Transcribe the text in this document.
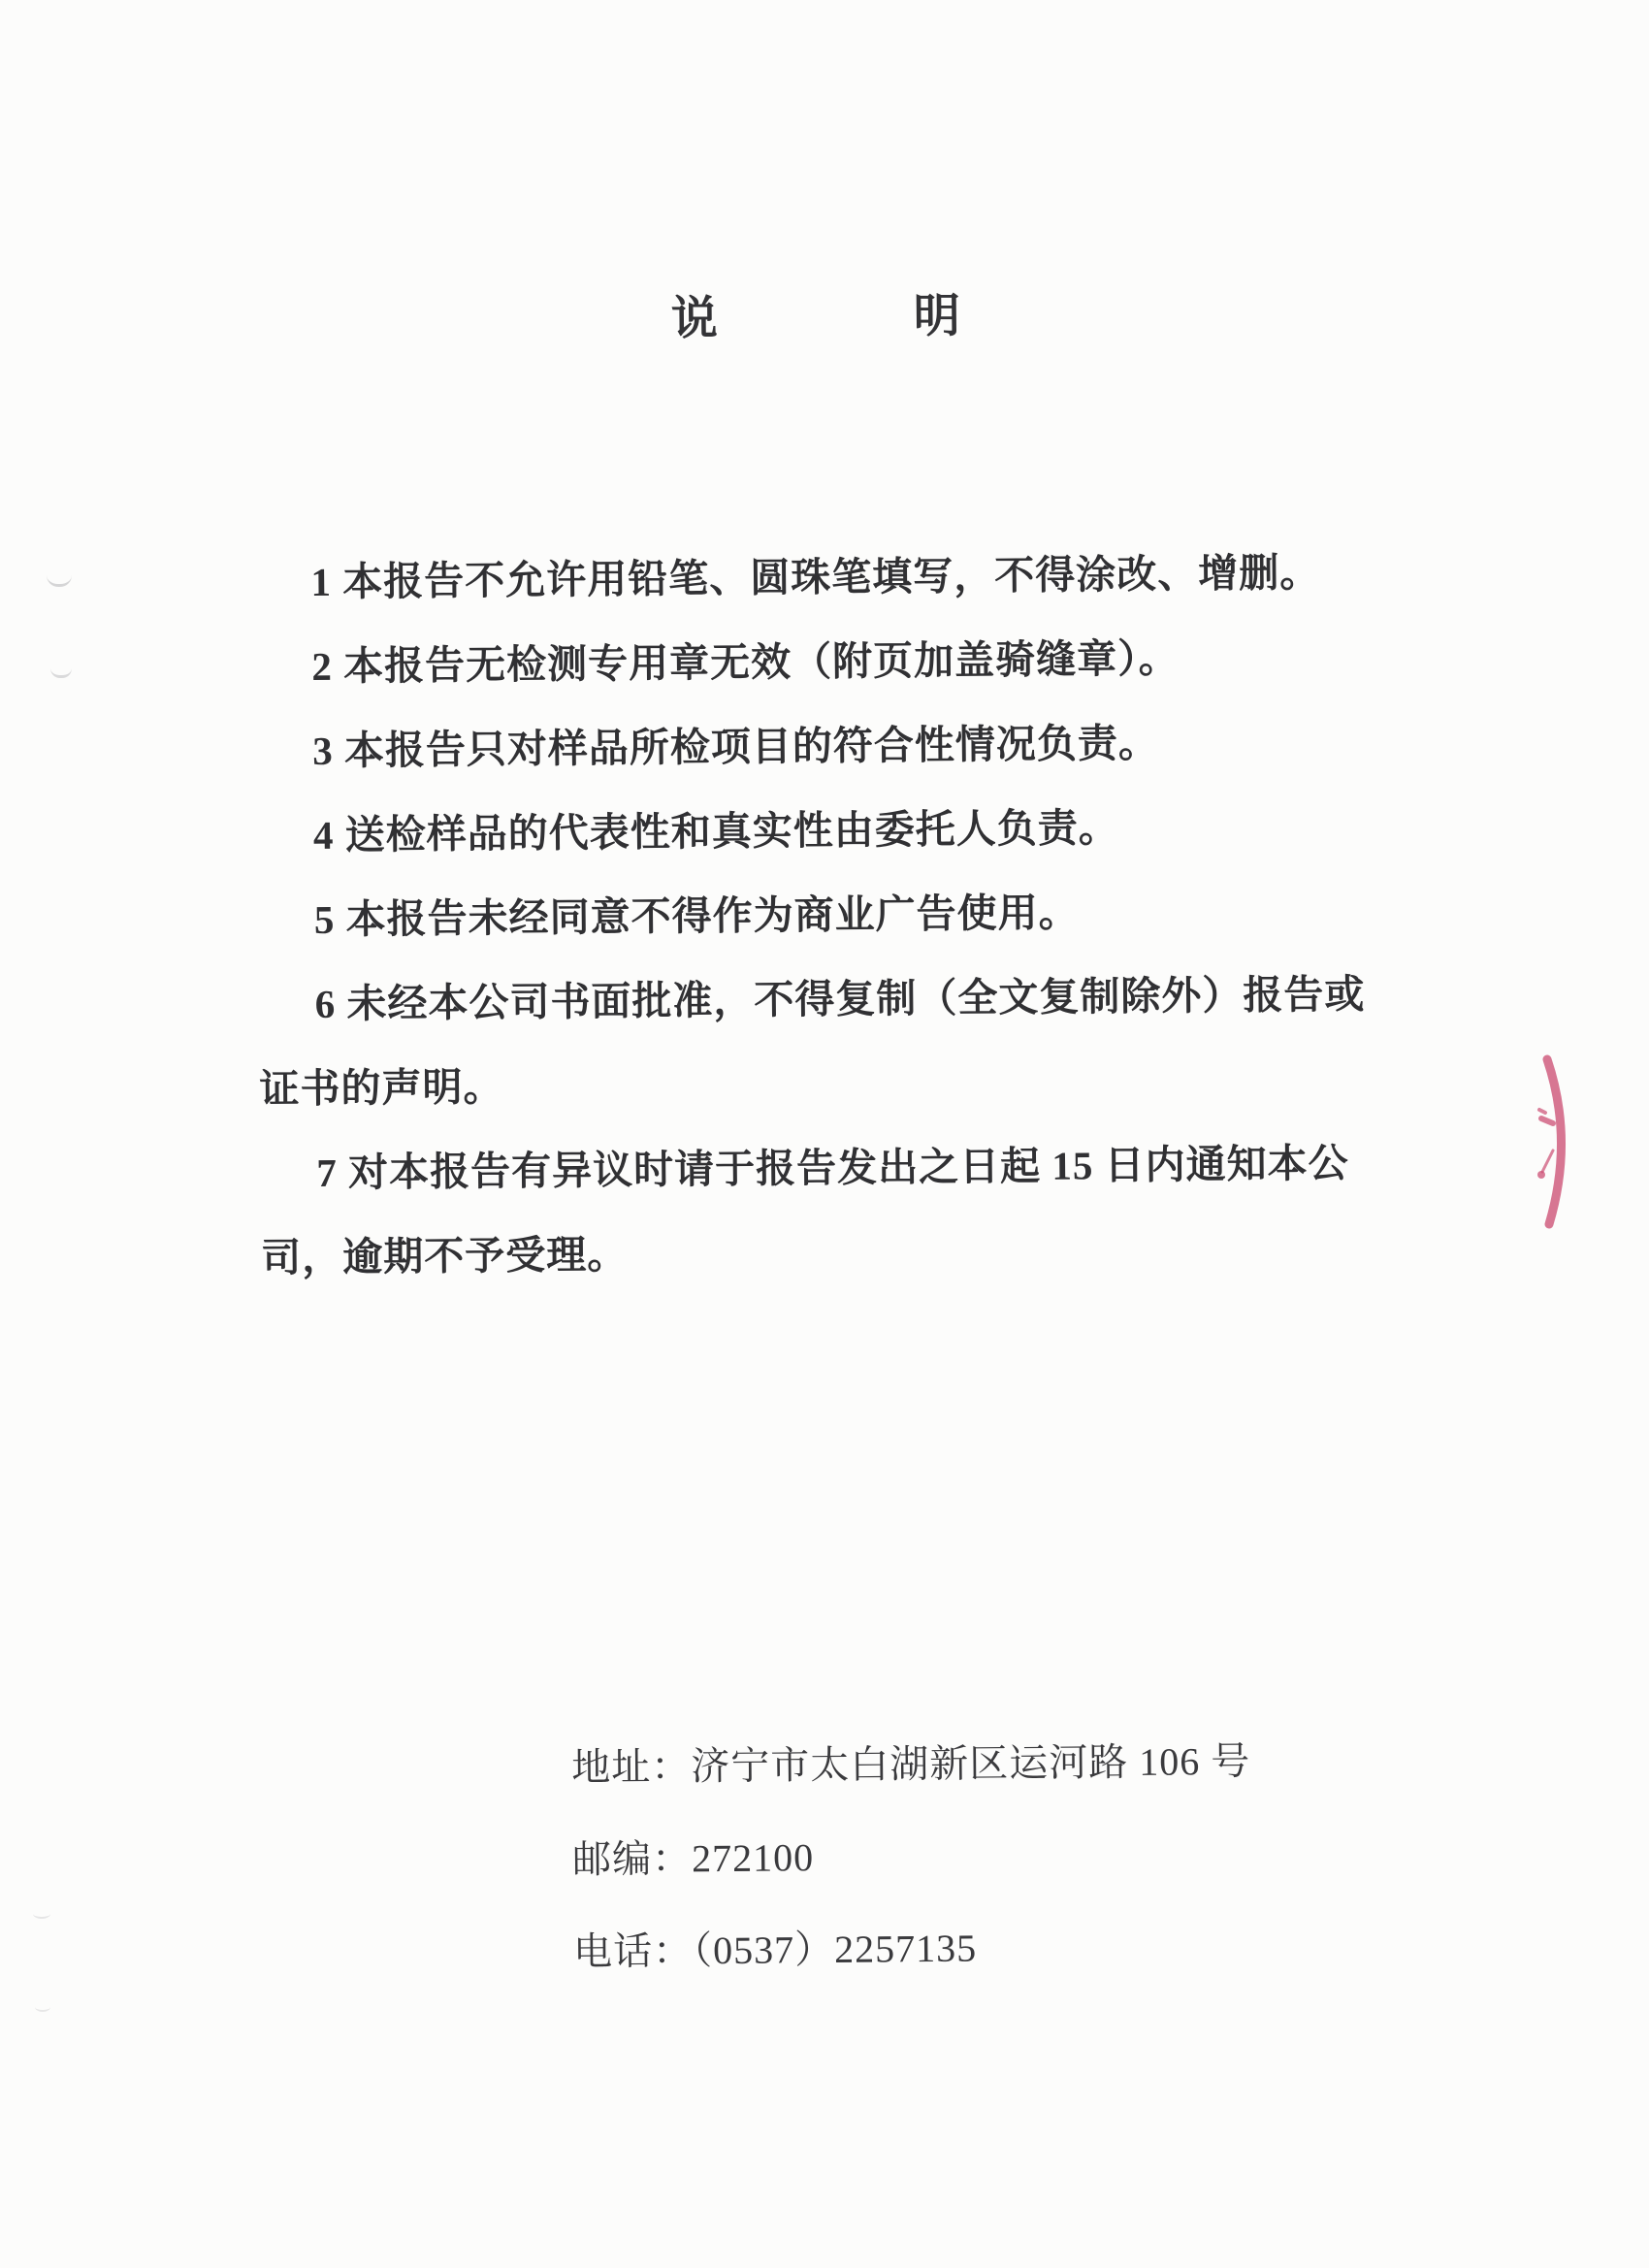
说　　　　明

1 本报告不允许用铅笔、圆珠笔填写，不得涂改、增删。

2 本报告无检测专用章无效（附页加盖骑缝章）。

3 本报告只对样品所检项目的符合性情况负责。

4 送检样品的代表性和真实性由委托人负责。

5 本报告未经同意不得作为商业广告使用。

6 未经本公司书面批准，不得复制（全文复制除外）报告或证书的声明。

7 对本报告有异议时请于报告发出之日起 15 日内通知本公司，逾期不予受理。

地址：济宁市太白湖新区运河路 106 号

邮编：272100

电话：（0537）2257135
